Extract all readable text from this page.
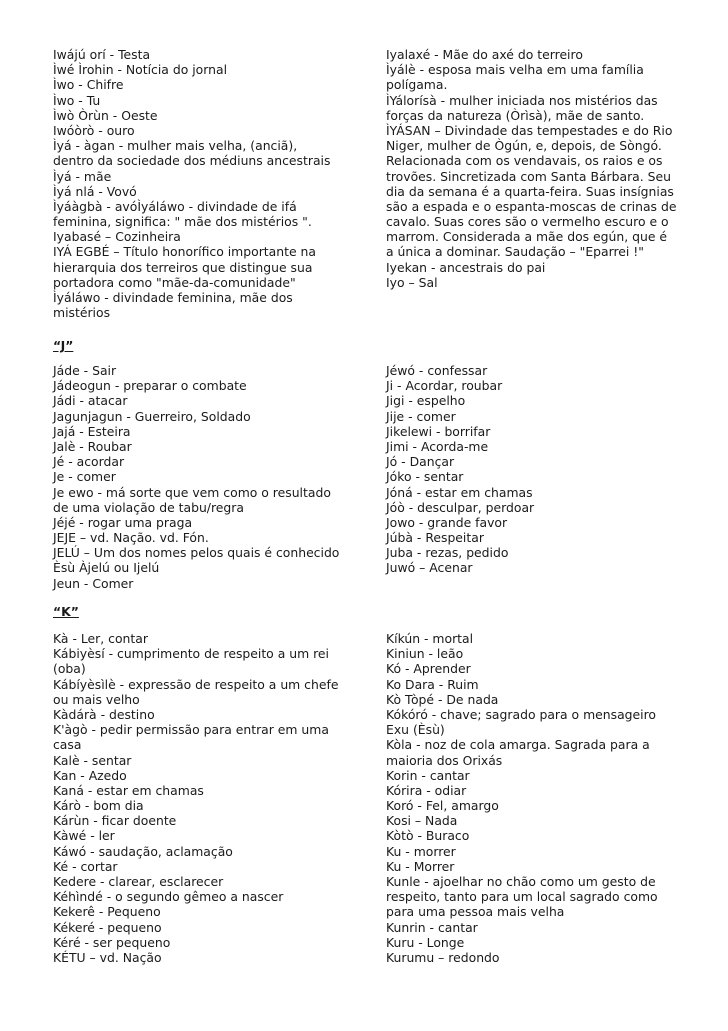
Iwájú orí - Testa
Ìwé Ìrohin - Notícia do jornal
Ìwo - Chifre
Ìwo - Tu
Ìwò Òrùn - Oeste
Iwóòrò - ouro
Ìyá - àgan - mulher mais velha, (anciã),
dentro da sociedade dos médiuns ancestrais
Ìyá - mãe
Ìyá nlá - Vovó
Ìyáàgbà - avóÌyáláwo - divindade de ifá
feminina, significa: " mãe dos mistérios ".
Iyabasé – Cozinheira
IYÁ EGBÉ – Título honorífico importante na
hierarquia dos terreiros que distingue sua
portadora como "mãe-da-comunidade"
Ìyáláwo - divindade feminina, mãe dos
mistérios
Iyalaxé - Mãe do axé do terreiro
Ìyálè - esposa mais velha em uma família
polígama.
ÌYálorísà - mulher iniciada nos mistérios das
forças da natureza (Òrìsà), mãe de santo.
ÌYÁSAN – Divindade das tempestades e do Rio
Niger, mulher de Ògún, e, depois, de Sòngó.
Relacionada com os vendavais, os raios e os
trovões. Sincretizada com Santa Bárbara. Seu
dia da semana é a quarta-feira. Suas insígnias
são a espada e o espanta-moscas de crinas de
cavalo. Suas cores são o vermelho escuro e o
marrom. Considerada a mãe dos egún, que é
a única a dominar. Saudação – "Eparrei !"
Iyekan - ancestrais do pai
Iyo – Sal
“J”
Jáde - Sair
Jádeogun - preparar o combate
Jádi - atacar
Jagunjagun - Guerreiro, Soldado
Jajá - Esteira
Jalè - Roubar
Jé - acordar
Je - comer
Je ewo - má sorte que vem como o resultado
de uma violação de tabu/regra
Jéjé - rogar uma praga
JEJE – vd. Nação. vd. Fón.
JELÚ – Um dos nomes pelos quais é conhecido
Èsù Àjelú ou Ijelú
Jeun - Comer
Jéwó - confessar
Ji - Acordar, roubar
Jigi - espelho
Jije - comer
Jikelewi - borrifar
Jimi - Acorda-me
Jó - Dançar
Jóko - sentar
Jóná - estar em chamas
Jóò - desculpar, perdoar
Jowo - grande favor
Júbà - Respeitar
Juba - rezas, pedido
Juwó – Acenar
“K”
Kà - Ler, contar
Kábiyèsí - cumprimento de respeito a um rei
(oba)
Kábíyèsìlè - expressão de respeito a um chefe
ou mais velho
Kàdárà - destino
K'àgò - pedir permissão para entrar em uma
casa
Kalè - sentar
Kan - Azedo
Kaná - estar em chamas
Kárò - bom dia
Kárùn - ficar doente
Kàwé - ler
Káwó - saudação, aclamação
Ké - cortar
Kedere - clarear, esclarecer
Kéhìndé - o segundo gêmeo a nascer
Kekerê - Pequeno
Kékeré - pequeno
Kéré - ser pequeno
KÉTU – vd. Nação
Kíkún - mortal
Kiniun - leão
Kó - Aprender
Ko Dara - Ruim
Kò Tòpé - De nada
Kókóró - chave; sagrado para o mensageiro
Exu (Èsù)
Kòla - noz de cola amarga. Sagrada para a
maioria dos Orixás
Korin - cantar
Kórira - odiar
Koró - Fel, amargo
Kosi – Nada
Kòtò - Buraco
Ku - morrer
Ku - Morrer
Kunle - ajoelhar no chão como um gesto de
respeito, tanto para um local sagrado como
para uma pessoa mais velha
Kunrin - cantar
Kuru - Longe
Kurumu – redondo
